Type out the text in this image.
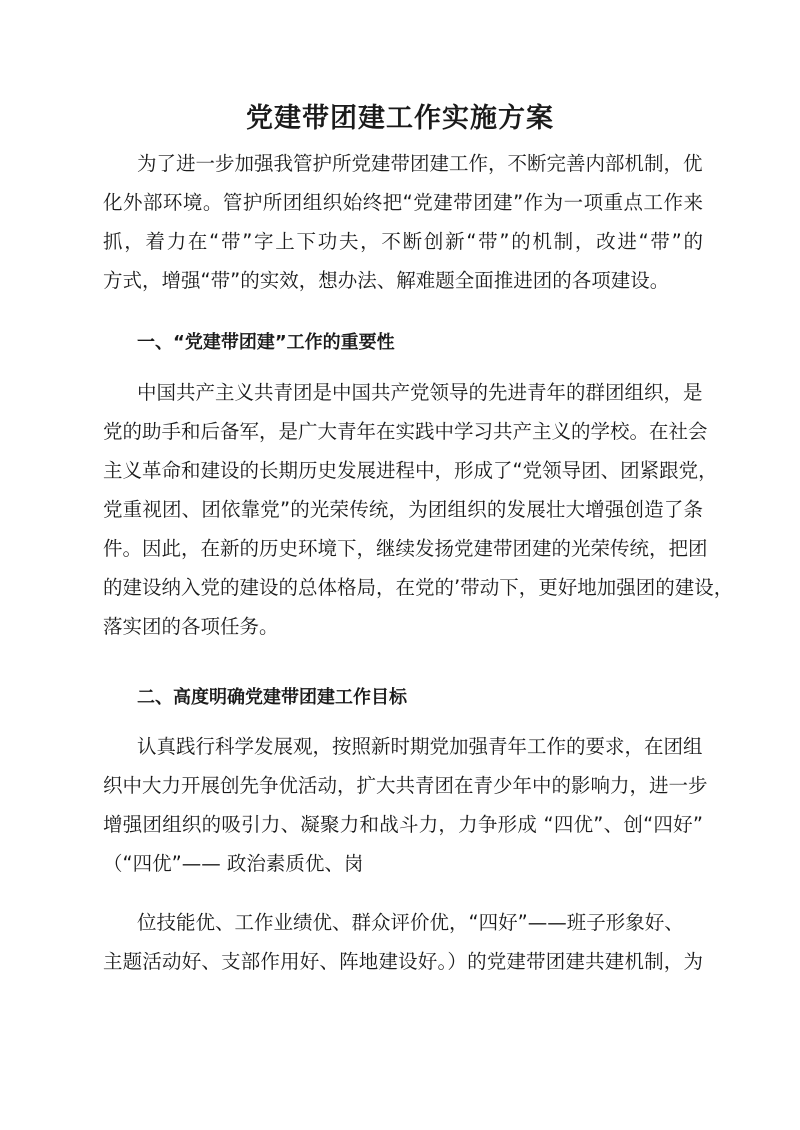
党建带团建工作实施方案

为了进一步加强我管护所党建带团建工作，不断完善内部机制，优

化外部环境。管护所团组织始终把“党建带团建”作为一项重点工作来

抓，着力在“带”字上下功夫，不断创新“带”的机制，改进“带”的

方式，增强“带”的实效，想办法、解难题全面推进团的各项建设。

一、“党建带团建”工作的重要性

中国共产主义共青团是中国共产党领导的先进青年的群团组织，是

党的助手和后备军，是广大青年在实践中学习共产主义的学校。在社会

主义革命和建设的长期历史发展进程中，形成了“党领导团、团紧跟党，

党重视团、团依靠党”的光荣传统，为团组织的发展壮大增强创造了条

件。因此，在新的历史环境下，继续发扬党建带团建的光荣传统，把团

的建设纳入党的建设的总体格局，在党的’带动下，更好地加强团的建设，

落实团的各项任务。

二、高度明确党建带团建工作目标

认真践行科学发展观，按照新时期党加强青年工作的要求，在团组

织中大力开展创先争优活动，扩大共青团在青少年中的影响力，进一步

增强团组织的吸引力、凝聚力和战斗力，力争形成 “四优”、创“四好”

（“四优”—— 政治素质优、岗

位技能优、工作业绩优、群众评价优，“四好”——班子形象好、

主题活动好、支部作用好、阵地建设好。）的党建带团建共建机制，为
